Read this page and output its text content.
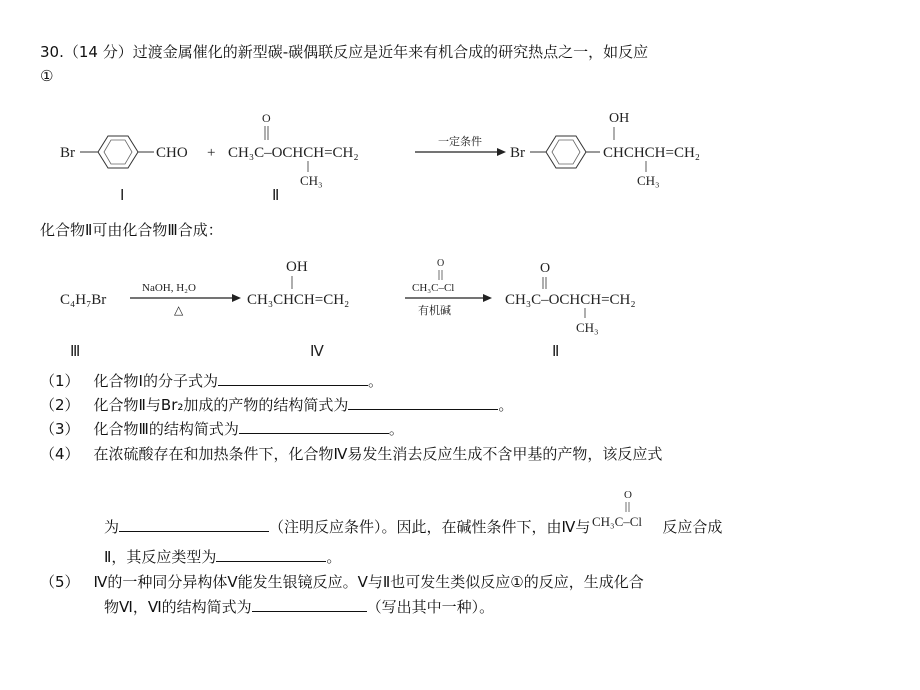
30.（14 分）过渡金属催化的新型碳-碳偶联反应是近年来有机合成的研究热点之一，如反应
①
Br	CHO
Ⅰ
+
O
CH₃C–OCHCH=CH₂
CH₃
Ⅱ
一定条件
Br
OH
CHCHCH=CH₂
CH₃
化合物Ⅱ可由化合物Ⅲ合成：
C₄H₇Br
Ⅲ
NaOH, H₂O
△
OH
CH₃CHCH=CH₂
Ⅳ
O
CH₃C–Cl
有机碱
O
CH₃C–OCHCH=CH₂
CH₃
Ⅱ
（1） 化合物Ⅰ的分子式为	。
（2） 化合物Ⅱ与Br₂加成的产物的结构简式为	。
（3） 化合物Ⅲ的结构简式为	。
（4） 在浓硫酸存在和加热条件下，化合物Ⅳ易发生消去反应生成不含甲基的产物，该反应式
为	（注明反应条件）。因此，在碱性条件下，由Ⅳ与
O
CH₃C–Cl 反应合成
Ⅱ，其反应类型为	。
（5） Ⅳ的一种同分异构体Ⅴ能发生银镜反应。Ⅴ与Ⅱ也可发生类似反应①的反应，生成化合
物Ⅵ，Ⅵ的结构简式为	（写出其中一种）。
